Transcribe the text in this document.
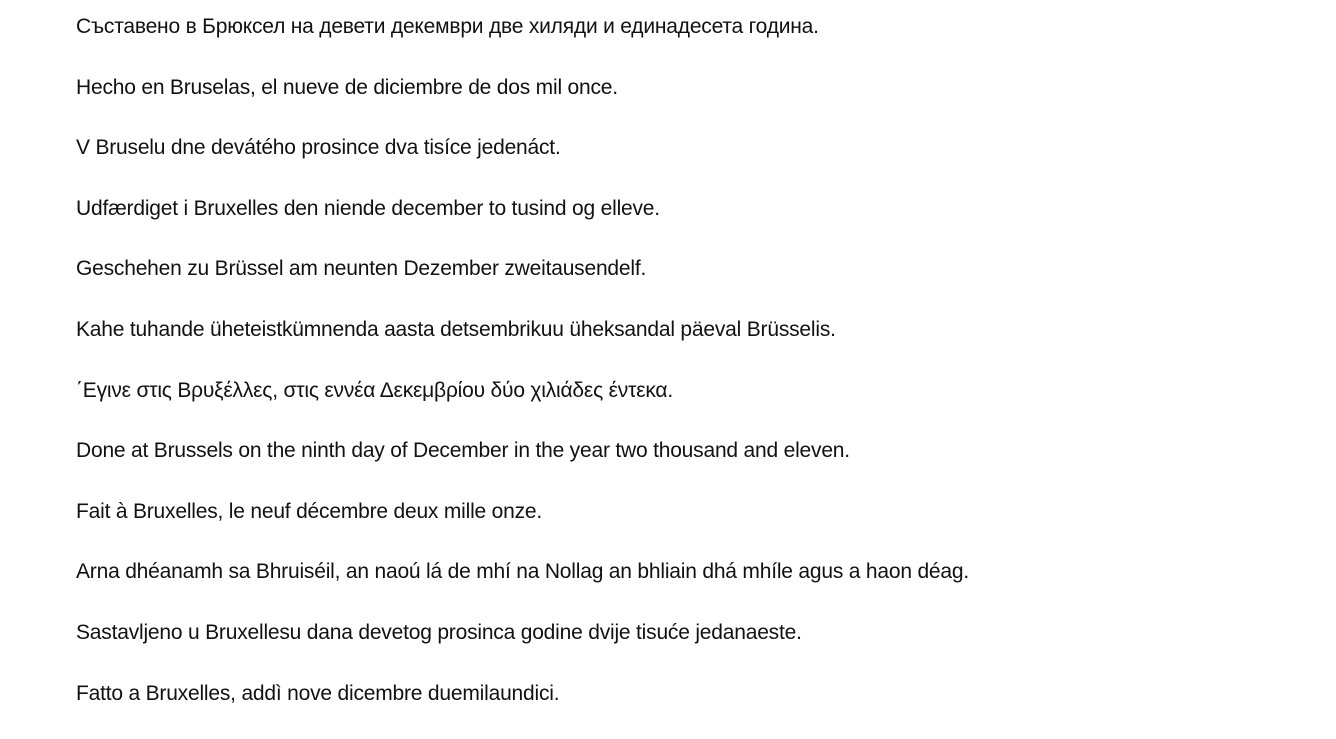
Съставено в Брюксел на девети декември две хиляди и единадесета година.
Hecho en Bruselas, el nueve de diciembre de dos mil once.
V Bruselu dne devátého prosince dva tisíce jedenáct.
Udfærdiget i Bruxelles den niende december to tusind og elleve.
Geschehen zu Brüssel am neunten Dezember zweitausendelf.
Kahe tuhande üheteistkümnenda aasta detsembrikuu üheksandal päeval Brüsselis.
΄Εγινε στις Βρυξέλλες, στις εννέα Δεκεμβρίου δύο χιλιάδες έντεκα.
Done at Brussels on the ninth day of December in the year two thousand and eleven.
Fait à Bruxelles, le neuf décembre deux mille onze.
Arna dhéanamh sa Bhruiséil, an naoú lá de mhí na Nollag an bhliain dhá mhíle agus a haon déag.
Sastavljeno u Bruxellesu dana devetog prosinca godine dvije tisuće jedanaeste.
Fatto a Bruxelles, addì nove dicembre duemilaundici.
